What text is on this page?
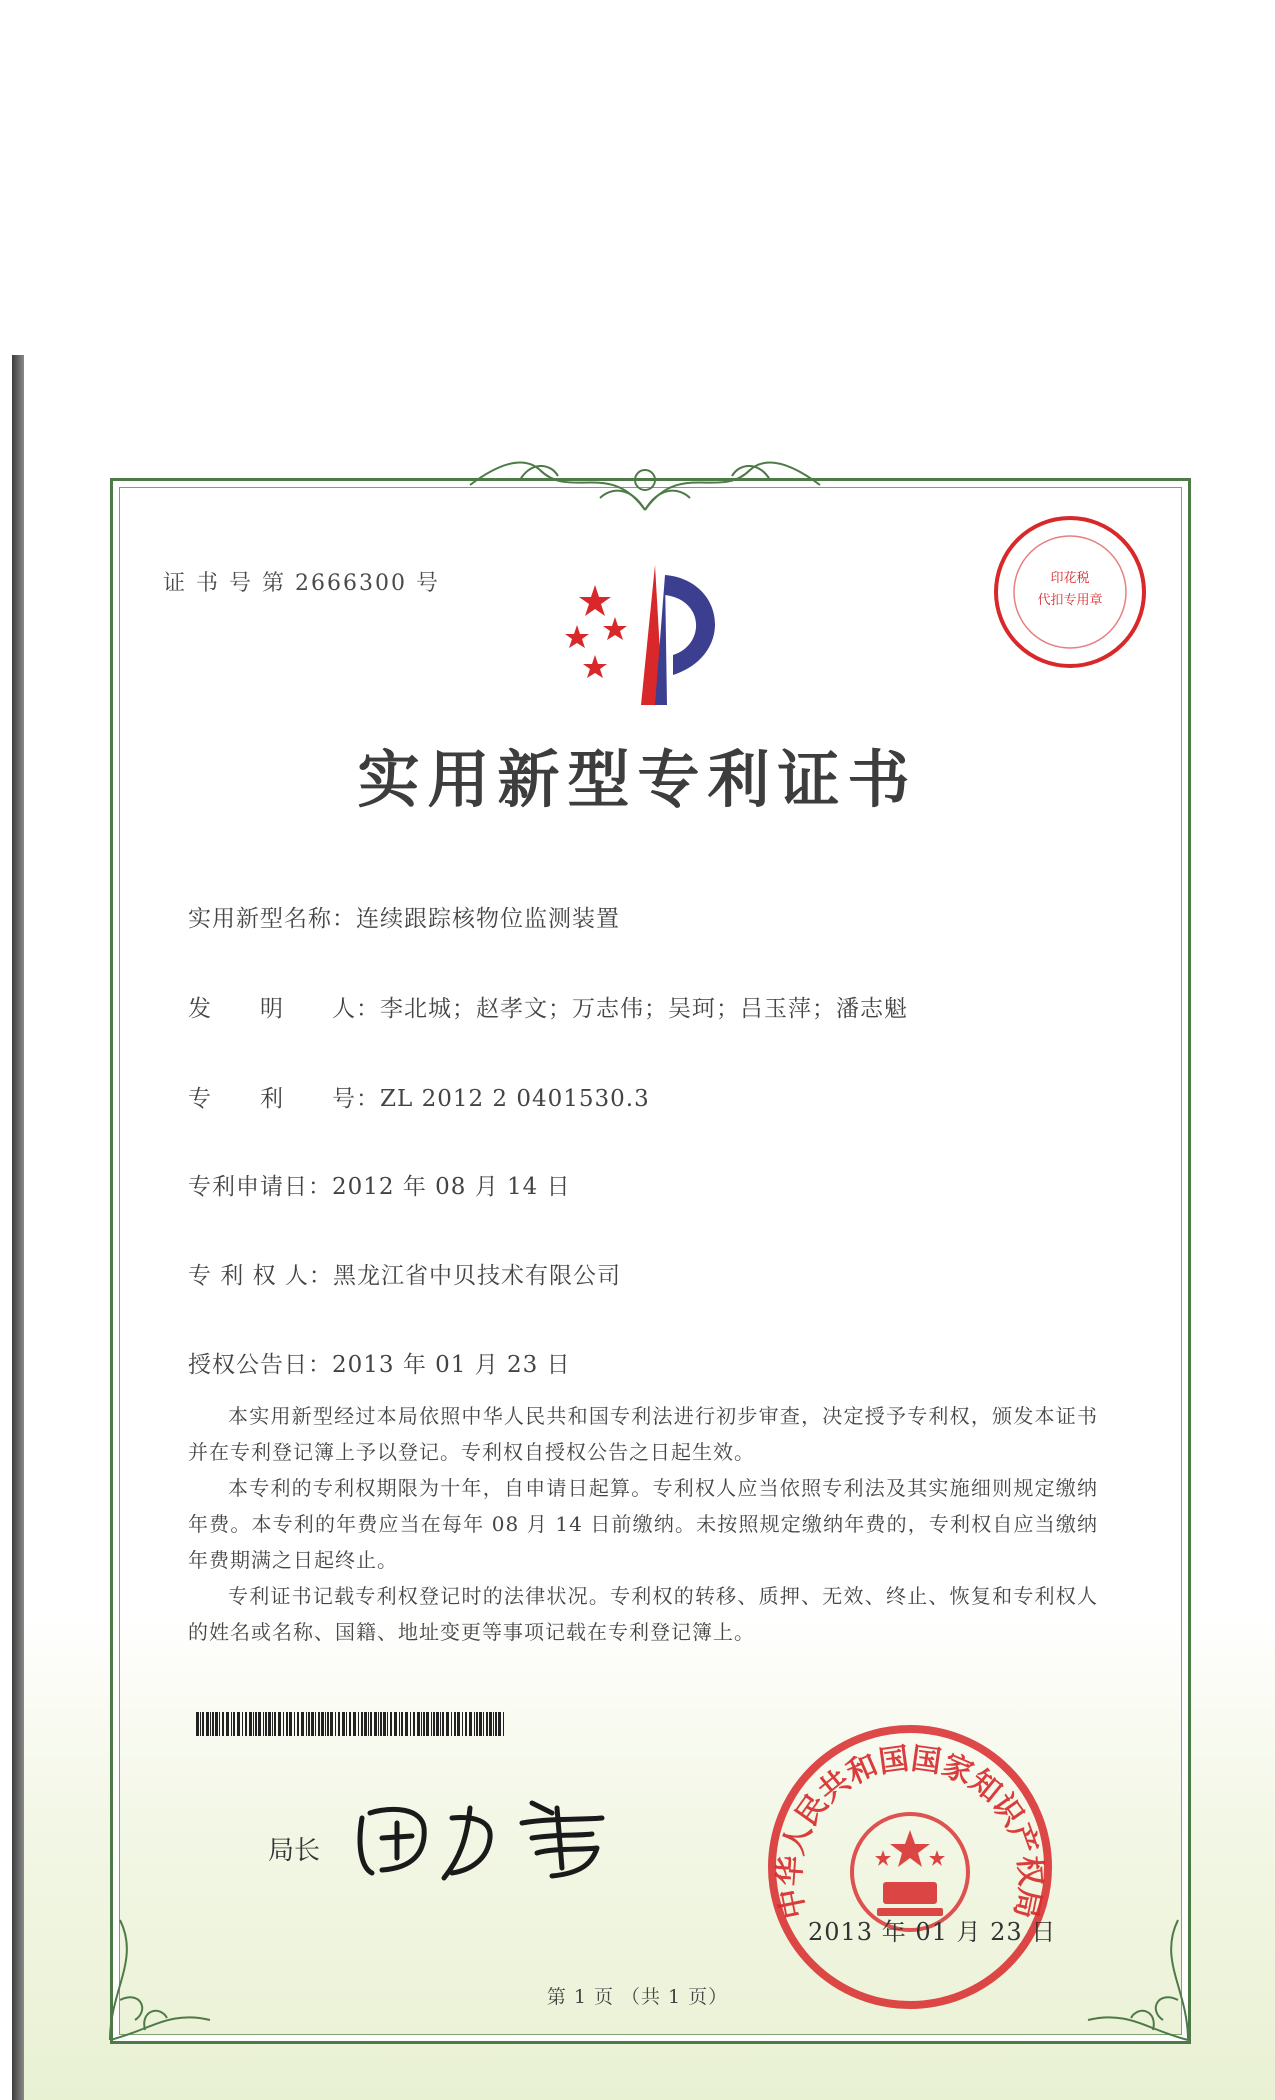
印花税
代扣专用章
证 书 号 第 2666300 号
实用新型专利证书
实用新型名称：连续跟踪核物位监测装置
发　　明　　人：李北城；赵孝文；万志伟；吴珂；吕玉萍；潘志魁
专　　利　　号：ZL 2012 2 0401530.3
专利申请日：2012 年 08 月 14 日
专 利 权 人：黑龙江省中贝技术有限公司
授权公告日：2013 年 01 月 23 日

本实用新型经过本局依照中华人民共和国专利法进行初步审查，决定授予专利权，颁发本证书并在专利登记簿上予以登记。专利权自授权公告之日起生效。

本专利的专利权期限为十年，自申请日起算。专利权人应当依照专利法及其实施细则规定缴纳年费。本专利的年费应当在每年 08 月 14 日前缴纳。未按照规定缴纳年费的，专利权自应当缴纳年费期满之日起终止。

专利证书记载专利权登记时的法律状况。专利权的转移、质押、无效、终止、恢复和专利权人的姓名或名称、国籍、地址变更等事项记载在专利登记簿上。

局长
中华人民共和国国家知识产权局
2013 年 01 月 23 日
第 1 页 （共 1 页）
